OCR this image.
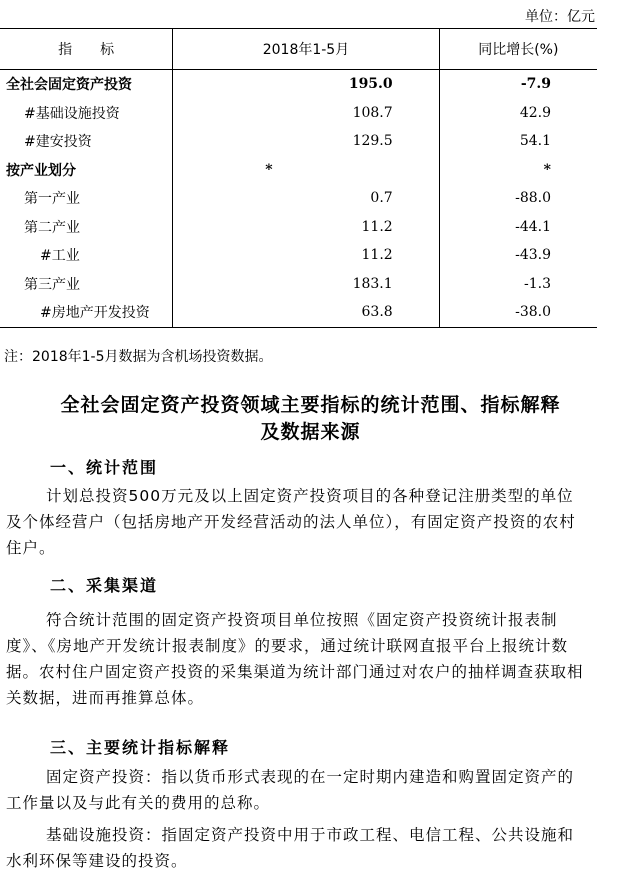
单位：亿元
指　　标	2018年1-5月	同比增长(%)
全社会固定资产投资	195.0	-7.9
#基础设施投资	108.7	42.9
#建安投资	129.5	54.1
按产业划分	*	*
第一产业	0.7	-88.0
第二产业	11.2	-44.1
#工业	11.2	-43.9
第三产业	183.1	-1.3
#房地产开发投资	63.8	-38.0
注：2018年1-5月数据为含机场投资数据。
全社会固定资产投资领域主要指标的统计范围、指标解释
及数据来源
一、统计范围
计划总投资500万元及以上固定资产投资项目的各种登记注册类型的单位及个体经营户（包括房地产开发经营活动的法人单位），有固定资产投资的农村住户。
二、采集渠道
符合统计范围的固定资产投资项目单位按照《固定资产投资统计报表制度》、《房地产开发统计报表制度》的要求，通过统计联网直报平台上报统计数据。农村住户固定资产投资的采集渠道为统计部门通过对农户的抽样调查获取相关数据，进而再推算总体。
三、主要统计指标解释
固定资产投资：指以货币形式表现的在一定时期内建造和购置固定资产的工作量以及与此有关的费用的总称。
基础设施投资：指固定资产投资中用于市政工程、电信工程、公共设施和水利环保等建设的投资。
